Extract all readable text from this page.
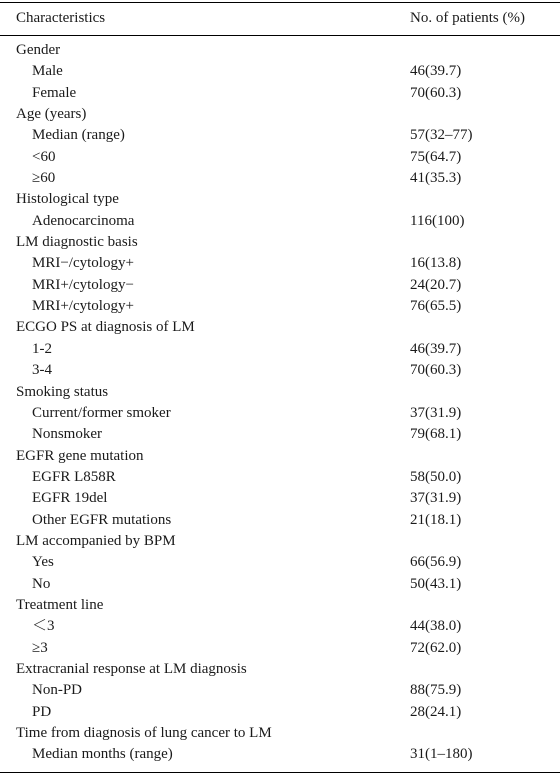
Characteristics	No. of patients (%)
Gender
Male	46(39.7)
Female	70(60.3)
Age (years)
Median (range)	57(32–77)
<60	75(64.7)
≥60	41(35.3)
Histological type
Adenocarcinoma	116(100)
LM diagnostic basis
MRI−/cytology+	16(13.8)
MRI+/cytology−	24(20.7)
MRI+/cytology+	76(65.5)
ECGO PS at diagnosis of LM
1-2	46(39.7)
3-4	70(60.3)
Smoking status
Current/former smoker	37(31.9)
Nonsmoker	79(68.1)
EGFR gene mutation
EGFR L858R	58(50.0)
EGFR 19del	37(31.9)
Other EGFR mutations	21(18.1)
LM accompanied by BPM
Yes	66(56.9)
No	50(43.1)
Treatment line
＜3	44(38.0)
≥3	72(62.0)
Extracranial response at LM diagnosis
Non-PD	88(75.9)
PD	28(24.1)
Time from diagnosis of lung cancer to LM
Median months (range)	31(1–180)
